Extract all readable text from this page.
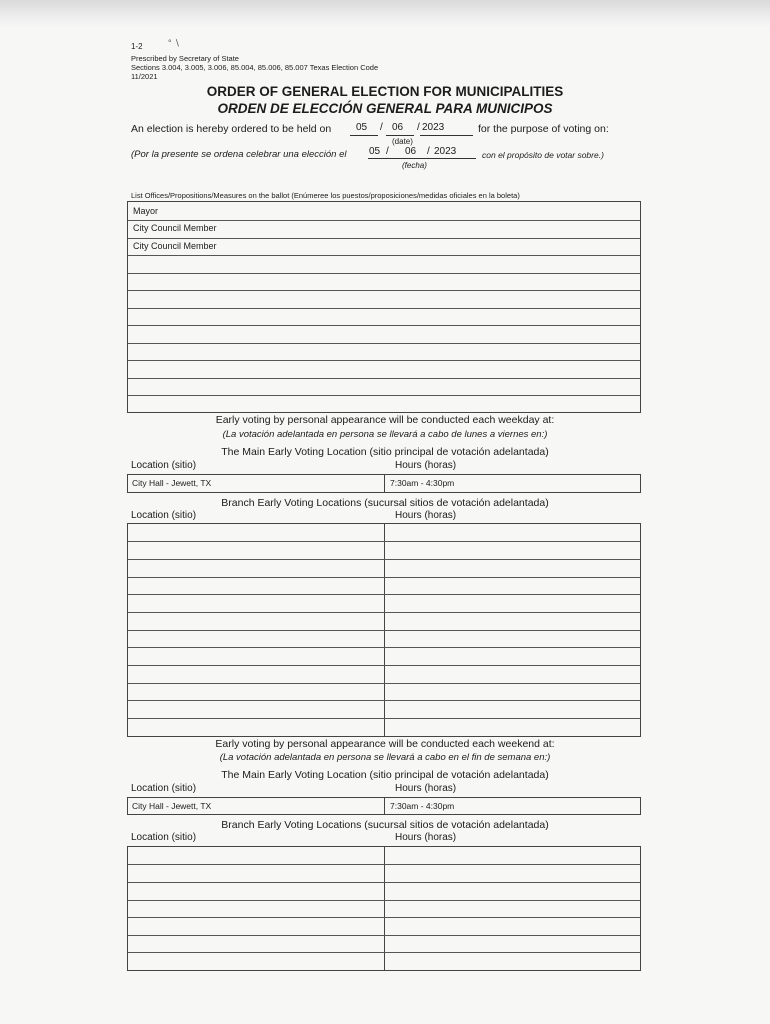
1-2	° ∖
Prescribed by Secretary of State
Sections 3.004, 3.005, 3.006, 85.004, 85.006, 85.007 Texas Election Code
11/2021
ORDER OF GENERAL ELECTION FOR MUNICIPALITIES
ORDEN DE ELECCIÓN GENERAL PARA MUNICIPOS
An election is hereby ordered to be held on 05 / 06 / 2023
(date)
for the purpose of voting on:
(Por la presente se ordena celebrar una elección el 05 / 06 / 2023
(fecha)
con el propósito de votar sobre.)
List Offices/Propositions/Measures on the ballot (Enúmeree los puestos/proposiciones/medidas oficiales en la boleta)
Mayor
City Council Member
City Council Member
Early voting by personal appearance will be conducted each weekday at:
(La votación adelantada en persona se llevará a cabo de lunes a viernes en:)
The Main Early Voting Location (sitio principal de votación adelantada)
Location (sitio)	Hours (horas)
City Hall - Jewett, TX	7:30am - 4:30pm
Branch Early Voting Locations (sucursal sitios de votación adelantada)
Location (sitio)	Hours (horas)
Early voting by personal appearance will be conducted each weekend at:
(La votación adelantada en persona se llevará a cabo en el fin de semana en:)
The Main Early Voting Location (sitio principal de votación adelantada)
Location (sitio)	Hours (horas)
City Hall - Jewett, TX	7:30am - 4:30pm
Branch Early Voting Locations (sucursal sitios de votación adelantada)
Location (sitio)	Hours (horas)
